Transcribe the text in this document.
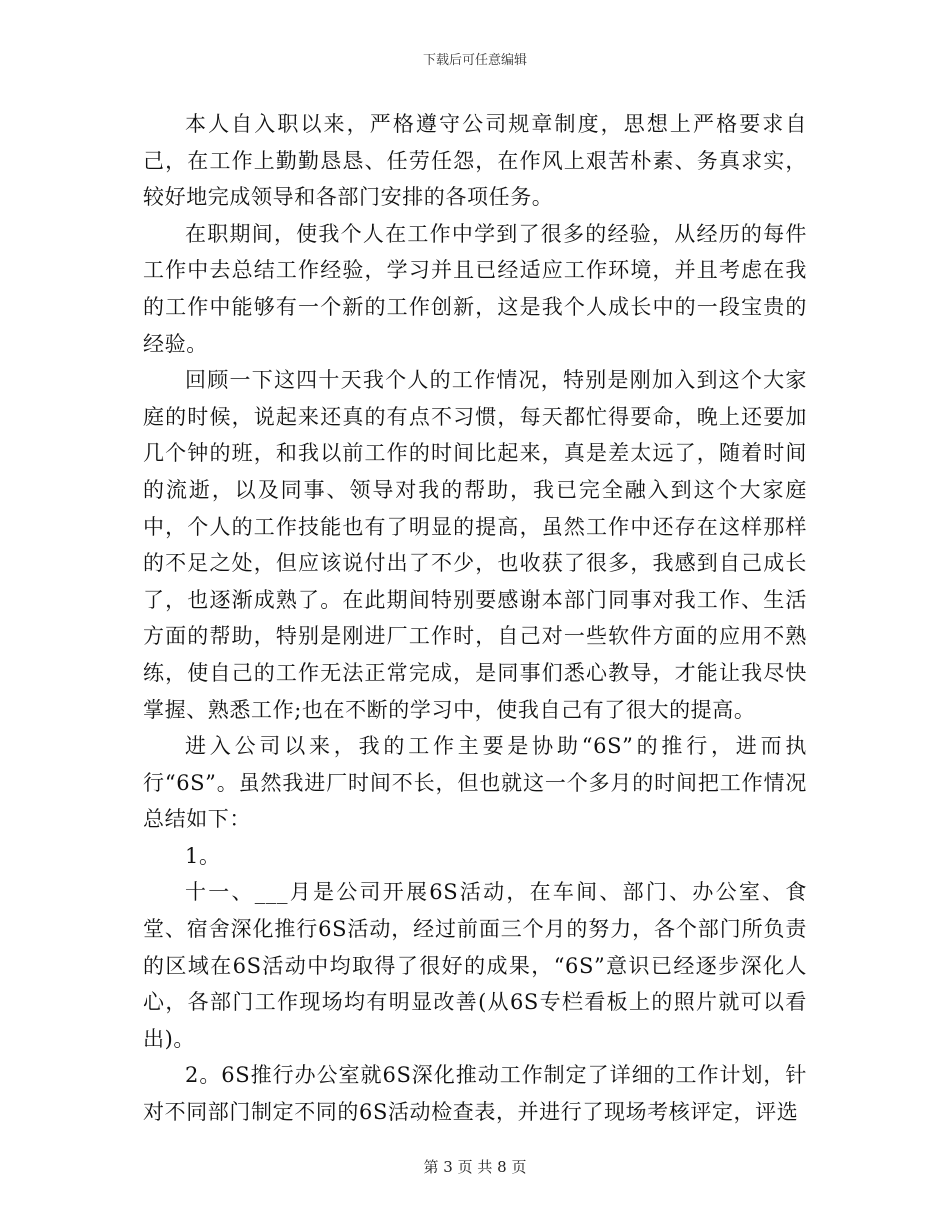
下载后可任意编辑

本人自入职以来，严格遵守公司规章制度，思想上严格要求自己，在工作上勤勤恳恳、任劳任怨，在作风上艰苦朴素、务真求实，较好地完成领导和各部门安排的各项任务。

在职期间，使我个人在工作中学到了很多的经验，从经历的每件工作中去总结工作经验，学习并且已经适应工作环境，并且考虑在我的工作中能够有一个新的工作创新，这是我个人成长中的一段宝贵的经验。

回顾一下这四十天我个人的工作情况，特别是刚加入到这个大家庭的时候，说起来还真的有点不习惯，每天都忙得要命，晚上还要加几个钟的班，和我以前工作的时间比起来，真是差太远了，随着时间的流逝，以及同事、领导对我的帮助，我已完全融入到这个大家庭中，个人的工作技能也有了明显的提高，虽然工作中还存在这样那样的不足之处，但应该说付出了不少，也收获了很多，我感到自己成长了，也逐渐成熟了。在此期间特别要感谢本部门同事对我工作、生活方面的帮助，特别是刚进厂工作时，自己对一些软件方面的应用不熟练，使自己的工作无法正常完成，是同事们悉心教导，才能让我尽快掌握、熟悉工作;也在不断的学习中，使我自己有了很大的提高。

进入公司以来，我的工作主要是协助“6S”的推行，进而执行“6S”。虽然我进厂时间不长，但也就这一个多月的时间把工作情况总结如下：

1。

十一、___月是公司开展6S活动，在车间、部门、办公室、食堂、宿舍深化推行6S活动，经过前面三个月的努力，各个部门所负责的区域在6S活动中均取得了很好的成果，“6S”意识已经逐步深化人心，各部门工作现场均有明显改善(从6S专栏看板上的照片就可以看出)。

2。6S推行办公室就6S深化推动工作制定了详细的工作计划，针对不同部门制定不同的6S活动检查表，并进行了现场考核评定，评选

第 3 页 共 8 页
